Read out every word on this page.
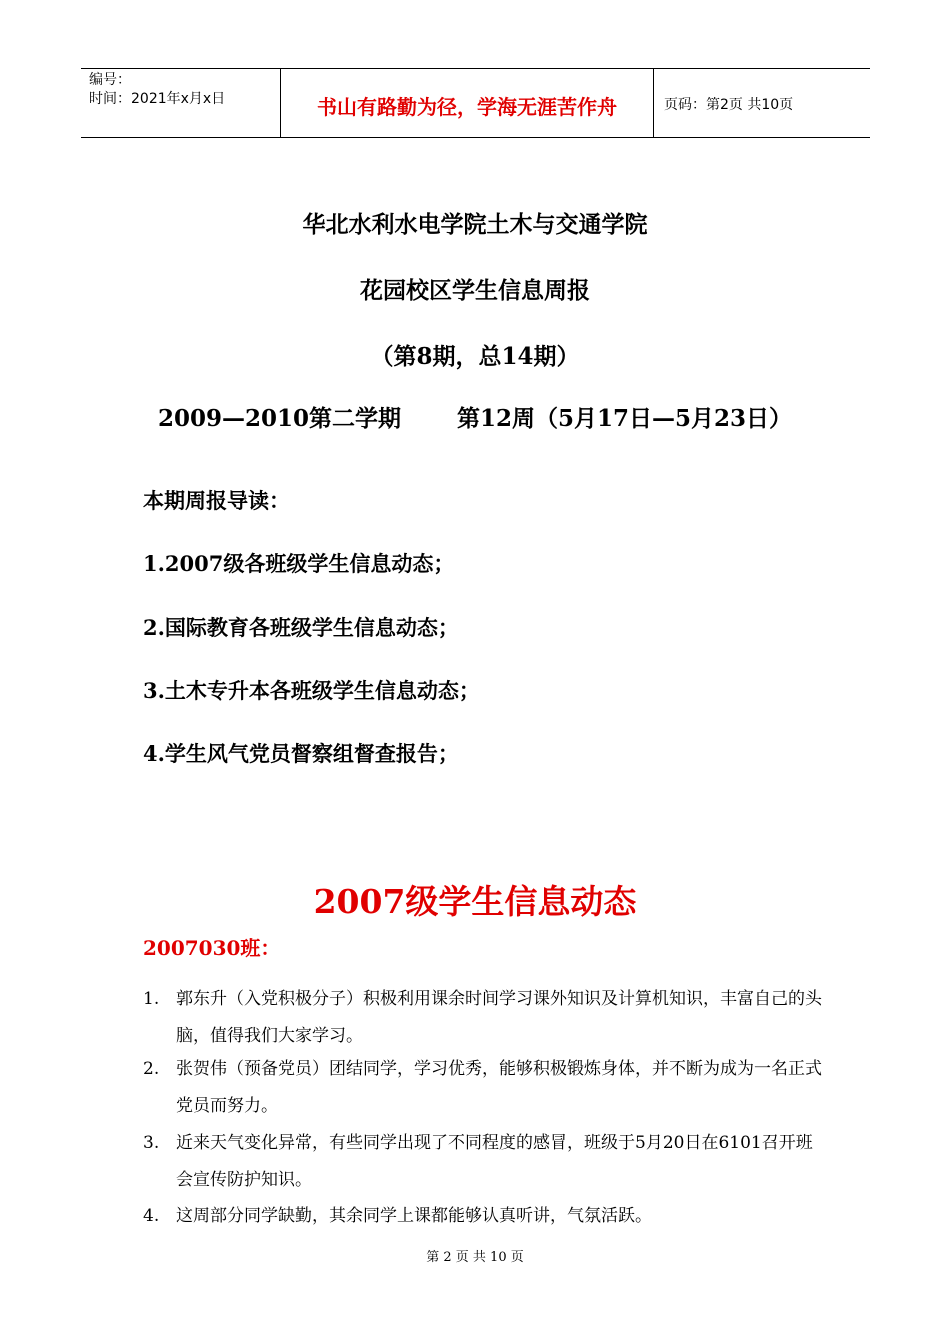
编号：
时间：2021年x月x日	书山有路勤为径，学海无涯苦作舟	页码：第2页 共10页
华北水利水电学院土木与交通学院
花园校区学生信息周报
（第8期，总14期）
2009—2010第二学期       第12周（5月17日—5月23日）
本期周报导读：
1.2007级各班级学生信息动态；
2.国际教育各班级学生信息动态；
3.土木专升本各班级学生信息动态；
4.学生风气党员督察组督查报告；
2007级学生信息动态
2007030班：
1. 郭东升（入党积极分子）积极利用课余时间学习课外知识及计算机知识，丰富自己的头脑，值得我们大家学习。
2. 张贺伟（预备党员）团结同学，学习优秀，能够积极锻炼身体，并不断为成为一名正式党员而努力。
3. 近来天气变化异常，有些同学出现了不同程度的感冒，班级于5月20日在6101召开班会宣传防护知识。
4. 这周部分同学缺勤，其余同学上课都能够认真听讲，气氛活跃。
第 2 页 共 10 页
